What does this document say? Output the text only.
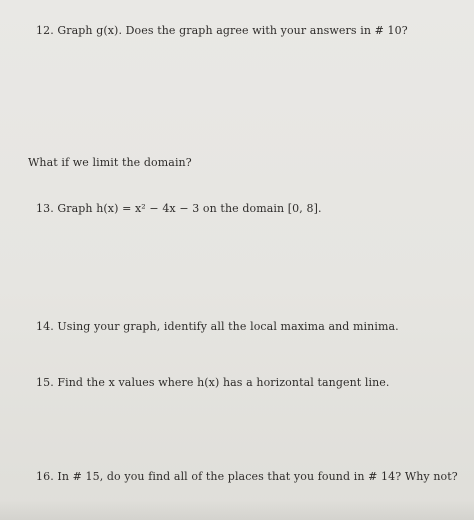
12. Graph g(x). Does the graph agree with your answers in # 10?
What if we limit the domain?
13. Graph h(x) = x² − 4x − 3 on the domain [0, 8].
14. Using your graph, identify all the local maxima and minima.
15. Find the x values where h(x) has a horizontal tangent line.
16. In # 15, do you find all of the places that you found in # 14? Why not?
